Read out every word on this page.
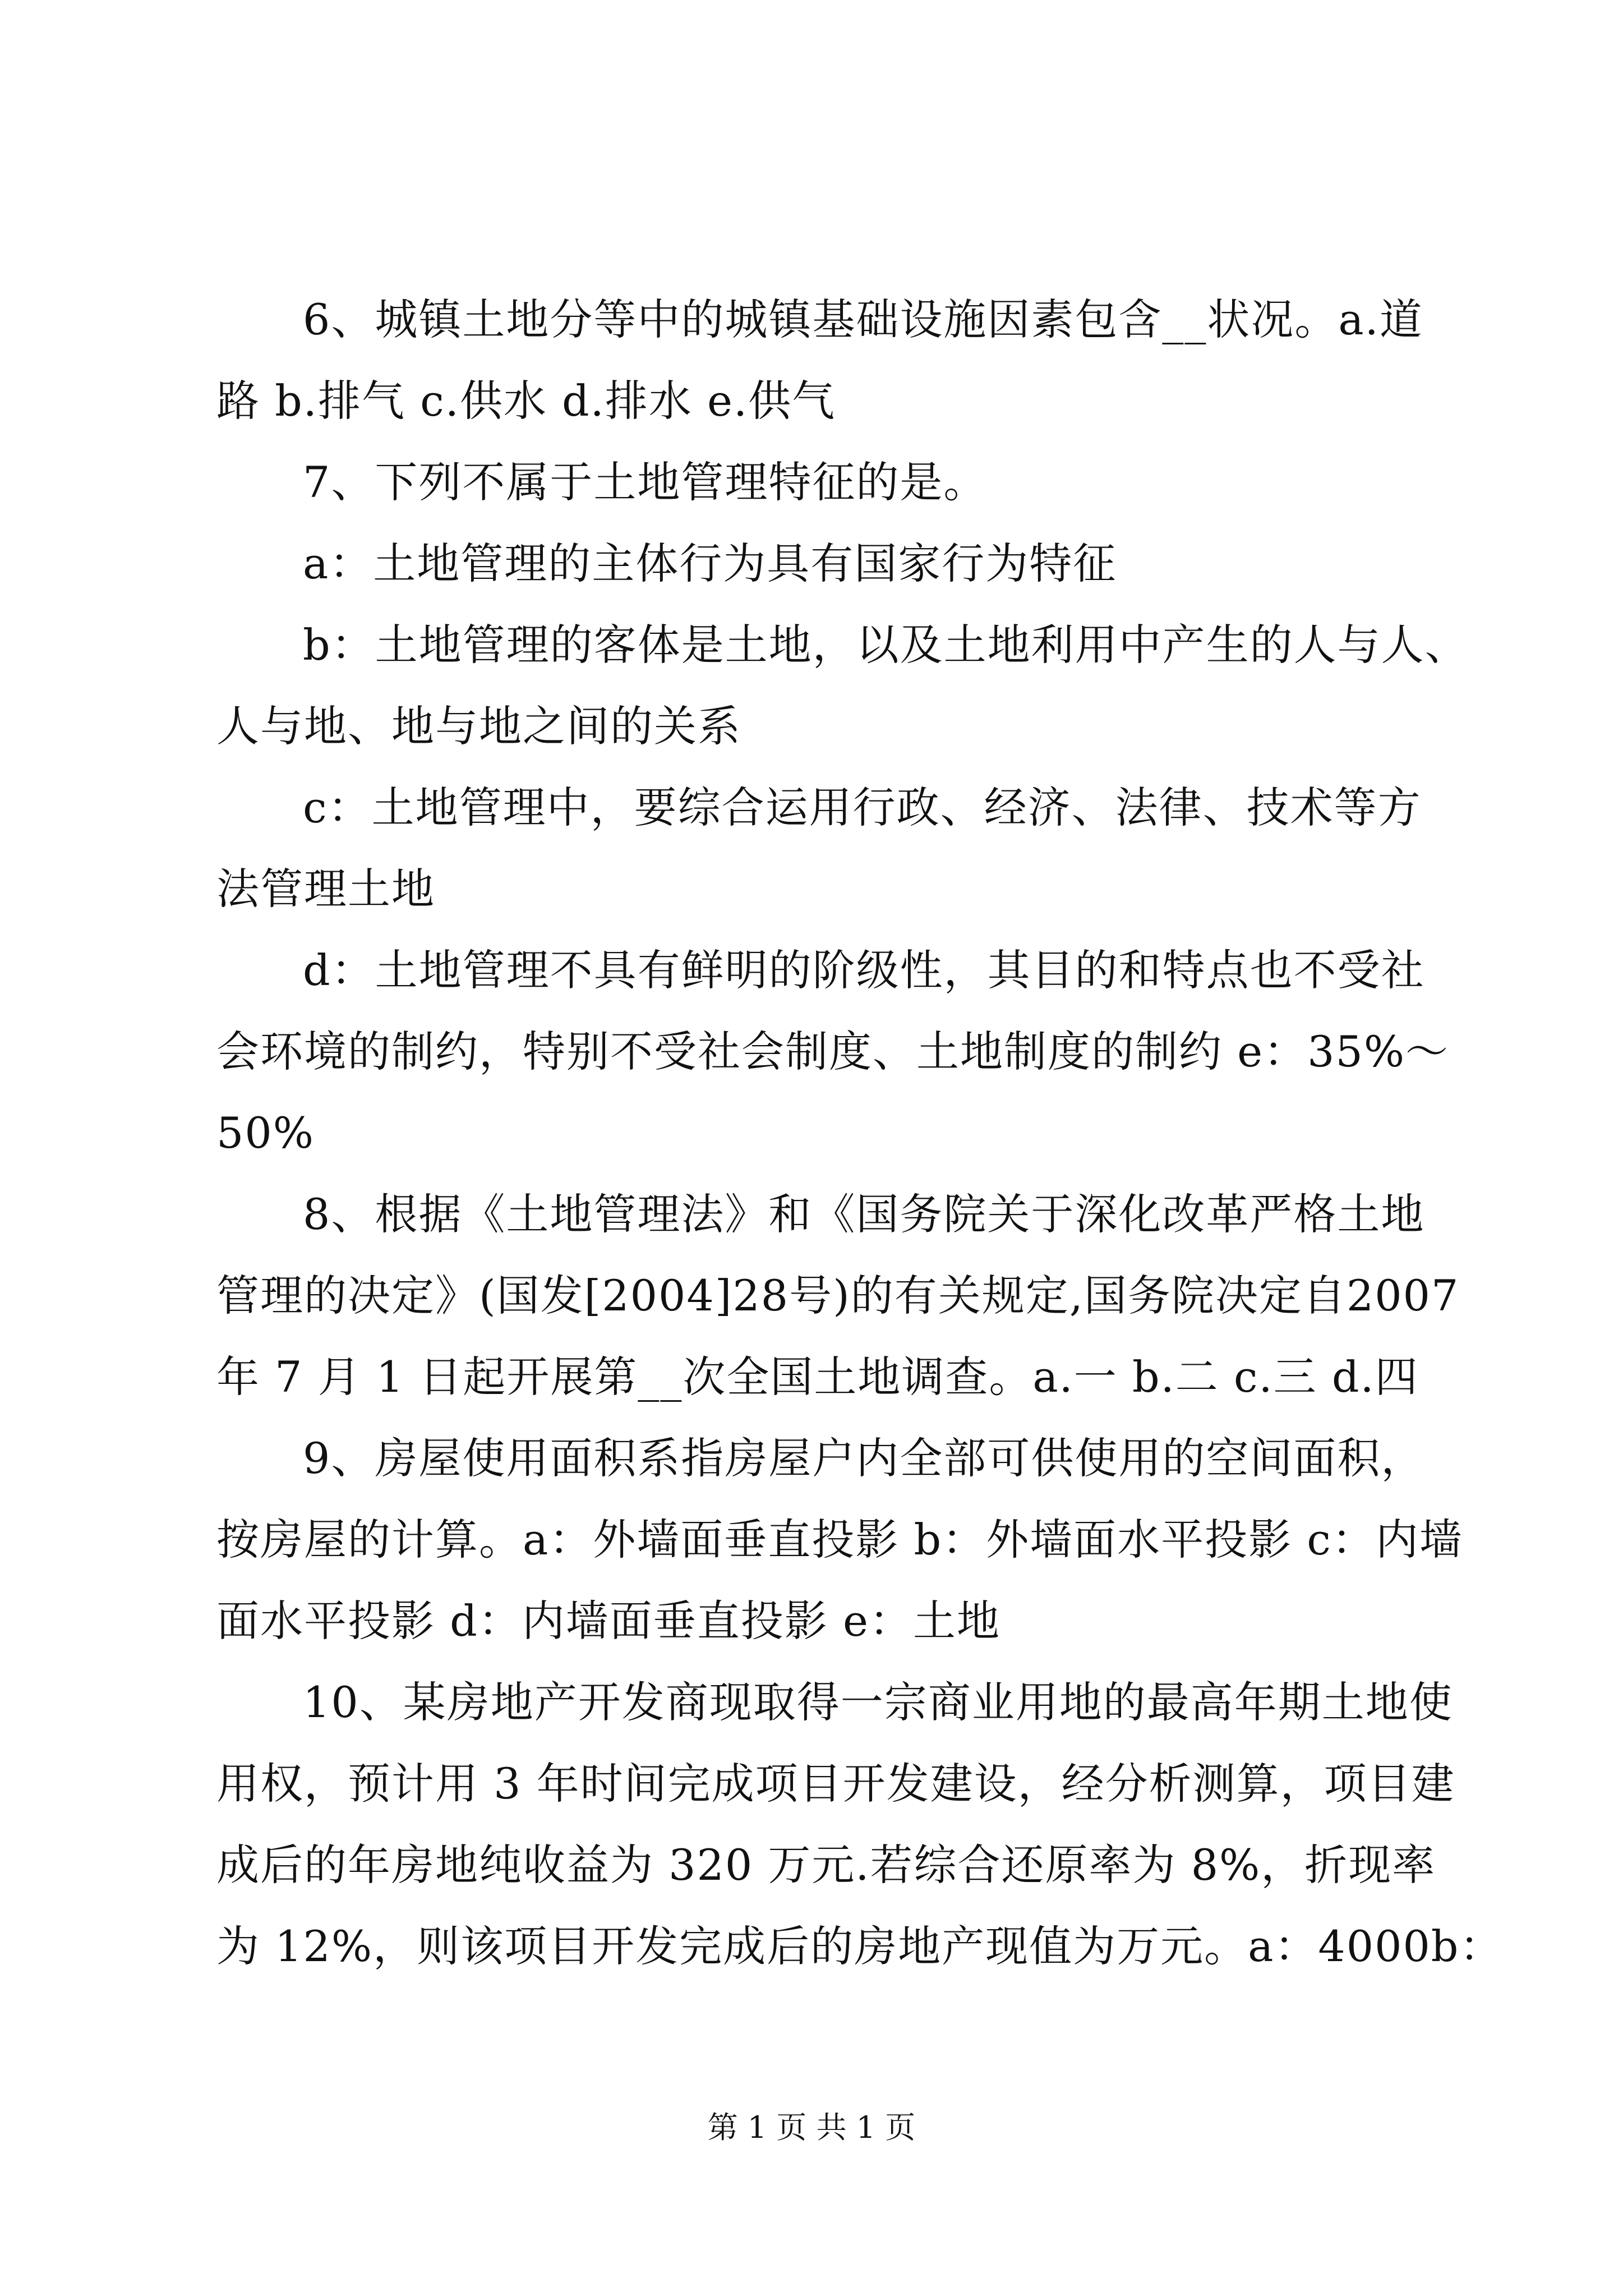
6、城镇土地分等中的城镇基础设施因素包含__状况。a.道
路 b.排气 c.供水 d.排水 e.供气
7、下列不属于土地管理特征的是。
a：土地管理的主体行为具有国家行为特征
b：土地管理的客体是土地，以及土地利用中产生的人与人、
人与地、地与地之间的关系
c：土地管理中，要综合运用行政、经济、法律、技术等方
法管理土地
d：土地管理不具有鲜明的阶级性，其目的和特点也不受社
会环境的制约，特别不受社会制度、土地制度的制约 e：35%～
50%
8、根据《土地管理法》和《国务院关于深化改革严格土地
管理的决定》(国发[2004]28号)的有关规定,国务院决定自2007
年 7 月 1 日起开展第__次全国土地调查。a.一 b.二 c.三 d.四
9、房屋使用面积系指房屋户内全部可供使用的空间面积，
按房屋的计算。a：外墙面垂直投影 b：外墙面水平投影 c：内墙
面水平投影 d：内墙面垂直投影 e：土地
10、某房地产开发商现取得一宗商业用地的最高年期土地使
用权，预计用 3 年时间完成项目开发建设，经分析测算，项目建
成后的年房地纯收益为 320 万元.若综合还原率为 8%，折现率
为 12%，则该项目开发完成后的房地产现值为万元。a：4000b：
第 1 页 共 1 页
